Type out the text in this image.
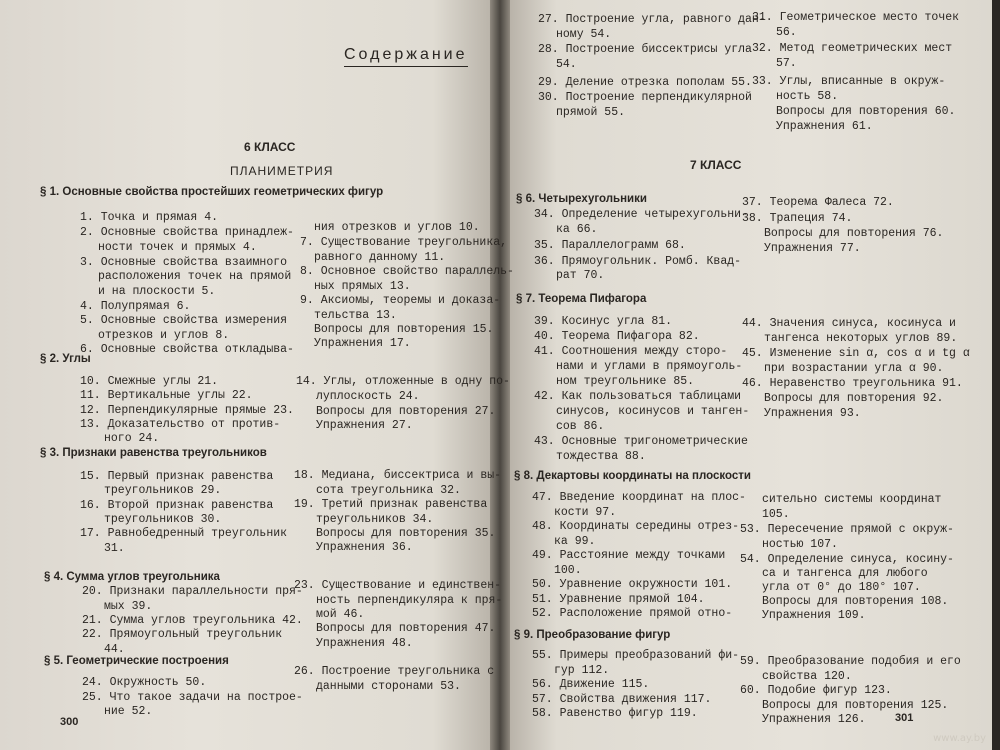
Содержание
6 КЛАСС
ПЛАНИМЕТРИЯ	7 КЛАСС
§ 1. Основные свойства простейших геометрических фигур
1. Точка и прямая 4.
2. Основные свойства принадлеж-
ности точек и прямых 4.
3. Основные свойства взаимного
расположения точек на прямой
и на плоскости 5.
4. Полупрямая 6.
5. Основные свойства измерения
отрезков и углов 8.
6. Основные свойства откладыва-
ния отрезков и углов 10.
7. Существование треугольника,
равного данному 11.
8. Основное свойство параллель-
ных прямых 13.
9. Аксиомы, теоремы и доказа-
тельства 13.
Вопросы для повторения 15.
Упражнения 17.
§ 2. Углы
10. Смежные углы 21.
11. Вертикальные углы 22.
12. Перпендикулярные прямые 23.
13. Доказательство от против-
ного 24.
14. Углы, отложенные в одну по-
луплоскость 24.
Вопросы для повторения 27.
Упражнения 27.
§ 3. Признаки равенства треугольников
15. Первый признак равенства
треугольников 29.
16. Второй признак равенства
треугольников 30.
17. Равнобедренный треугольник
31.
18. Медиана, биссектриса и вы-
сота треугольника 32.
19. Третий признак равенства
треугольников 34.
Вопросы для повторения 35.
Упражнения 36.
§ 4. Сумма углов треугольника
20. Признаки параллельности пря-
мых 39.
21. Сумма углов треугольника 42.
22. Прямоугольный треугольник
44.
23. Существование и единствен-
ность перпендикуляра к пря-
мой 46.
Вопросы для повторения 47.
Упражнения 48.
§ 5. Геометрические построения
24. Окружность 50.
25. Что такое задачи на построе-
ние 52.
26. Построение треугольника с
данными сторонами 53.
27. Построение угла, равного дан-
ному 54.
28. Построение биссектрисы угла
54.
29. Деление отрезка пополам 55.
30. Построение перпендикулярной
прямой 55.
31. Геометрическое место точек
56.
32. Метод геометрических мест
57.
33. Углы, вписанные в окруж-
ность 58.
Вопросы для повторения 60.
Упражнения 61.
§ 6. Четырехугольники
34. Определение четырехугольни-
ка 66.
35. Параллелограмм 68.
36. Прямоугольник. Ромб. Квад-
рат 70.
37. Теорема Фалеса 72.
38. Трапеция 74.
Вопросы для повторения 76.
Упражнения 77.
§ 7. Теорема Пифагора
39. Косинус угла 81.
40. Теорема Пифагора 82.
41. Соотношения между сторо-
нами и углами в прямоуголь-
ном треугольнике 85.
42. Как пользоваться таблицами
синусов, косинусов и танген-
сов 86.
43. Основные тригонометрические
тождества 88.
44. Значения синуса, косинуса и
тангенса некоторых углов 89.
45. Изменение sin α, cos α и tg α
при возрастании угла α 90.
46. Неравенство треугольника 91.
Вопросы для повторения 92.
Упражнения 93.
§ 8. Декартовы координаты на плоскости
47. Введение координат на плос-
кости 97.
48. Координаты середины отрез-
ка 99.
49. Расстояние между точками
100.
50. Уравнение окружности 101.
51. Уравнение прямой 104.
52. Расположение прямой отно-
сительно системы координат
105.
53. Пересечение прямой с окруж-
ностью 107.
54. Определение синуса, косину-
са и тангенса для любого
угла от 0° до 180° 107.
Вопросы для повторения 108.
Упражнения 109.
§ 9. Преобразование фигур
55. Примеры преобразований фи-
гур 112.
56. Движение 115.
57. Свойства движения 117.
58. Равенство фигур 119.
59. Преобразование подобия и его
свойства 120.
60. Подобие фигур 123.
Вопросы для повторения 125.
Упражнения 126.
300	301
www.ay.by
